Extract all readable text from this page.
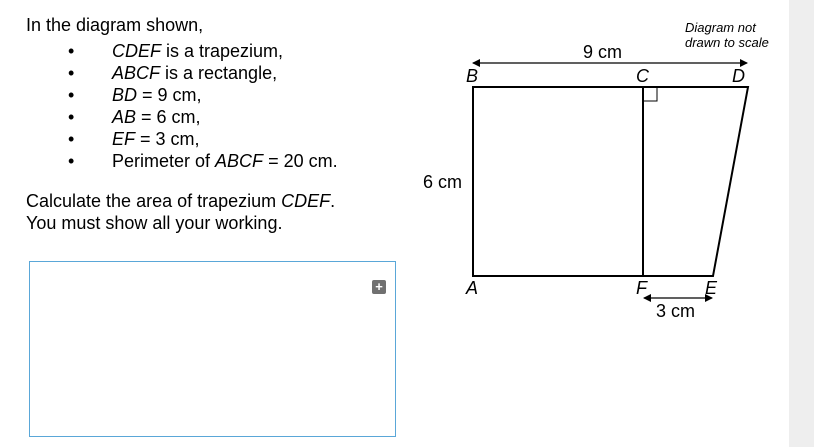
In the diagram shown,

• CDEF is a trapezium,
• ABCF is a rectangle,
• BD = 9 cm,
• AB = 6 cm,
• EF = 3 cm,
• Perimeter of ABCF = 20 cm.
Calculate the area of trapezium CDEF.
You must show all your working.
+
Diagram not
drawn to scale
9 cm
6 cm
3 cm
B	C	D
A	F	E
